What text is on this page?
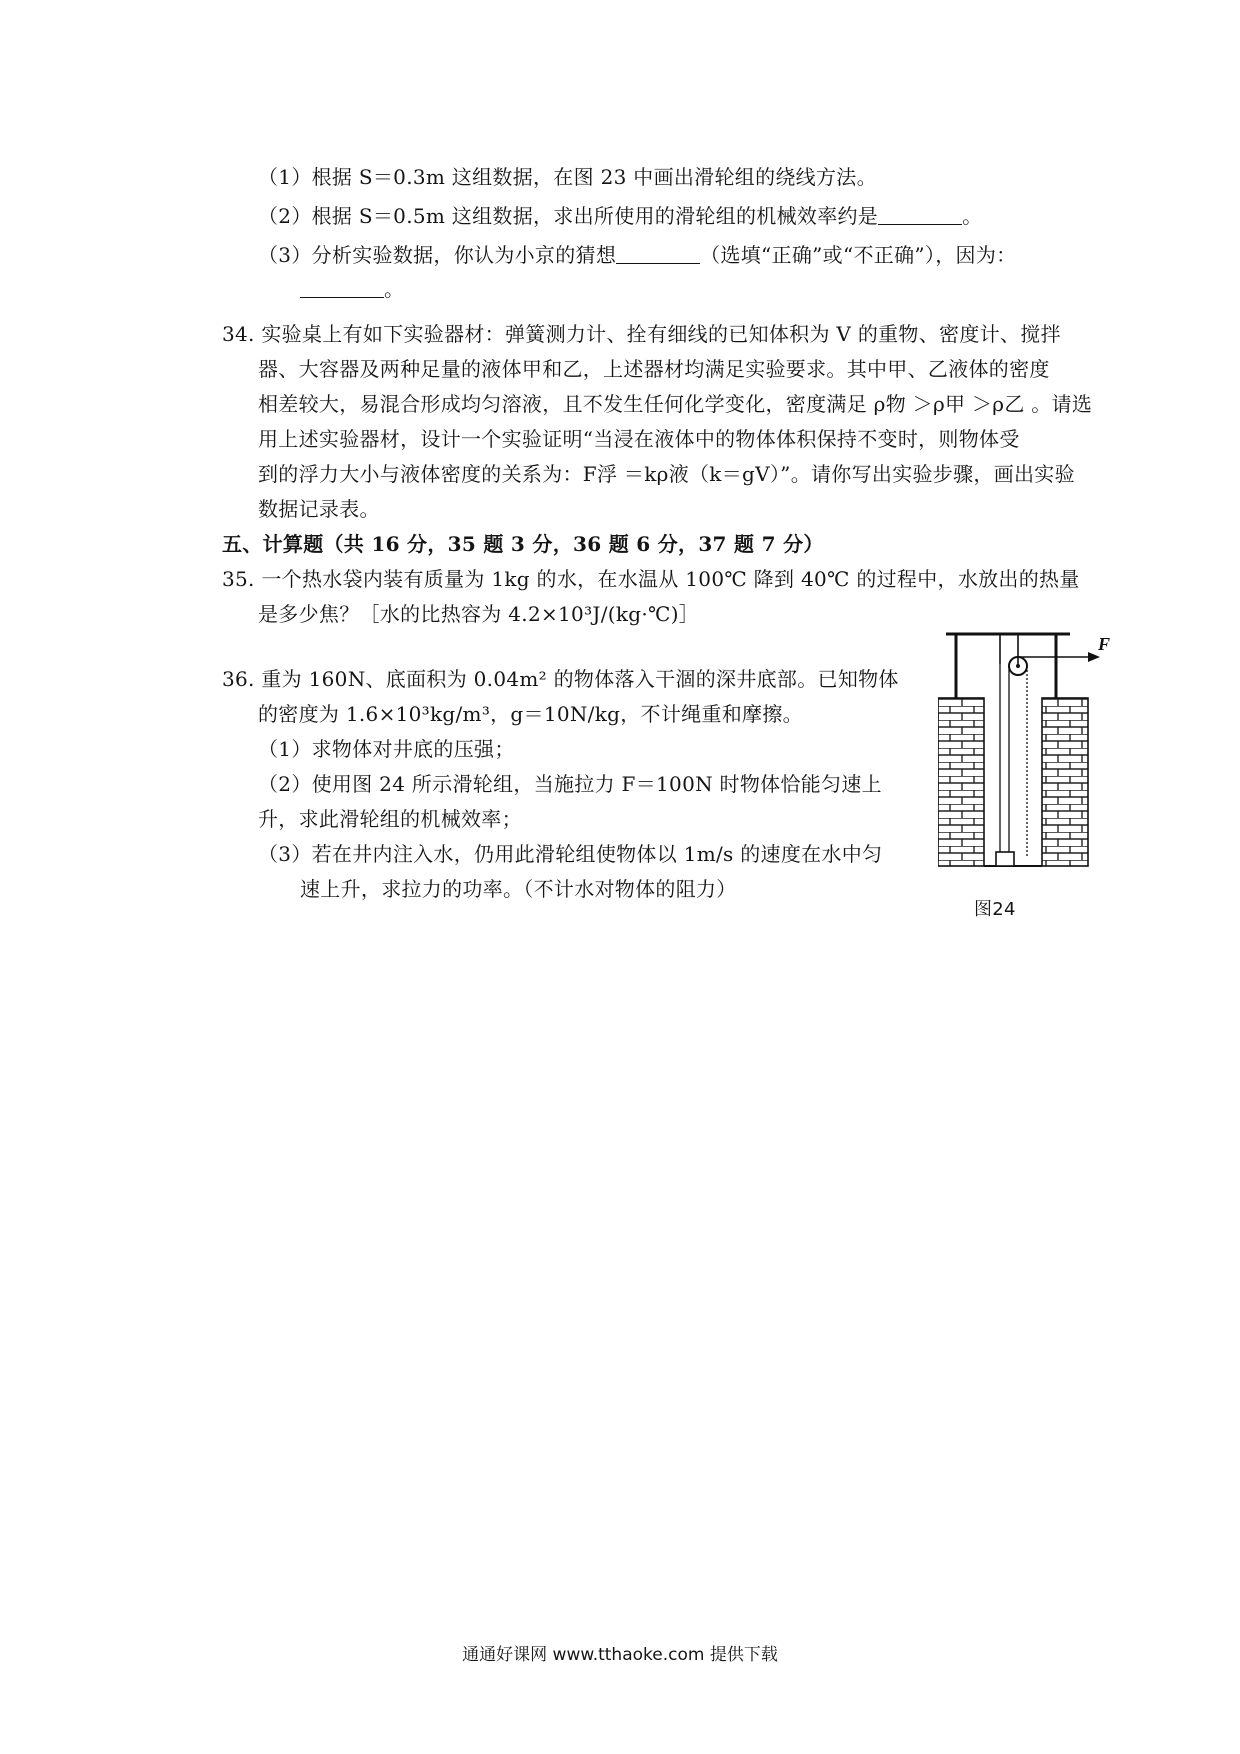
（1）根据 S＝0.3m 这组数据，在图 23 中画出滑轮组的绕线方法。
（2）根据 S＝0.5m 这组数据，求出所使用的滑轮组的机械效率约是	。
（3）分析实验数据，你认为小京的猜想	（选填“正确”或“不正确”），因为：
。
34. 实验桌上有如下实验器材：弹簧测力计、拴有细线的已知体积为 V 的重物、密度计、搅拌
器、大容器及两种足量的液体甲和乙，上述器材均满足实验要求。其中甲、乙液体的密度
相差较大，易混合形成均匀溶液，且不发生任何化学变化，密度满足 ρ物 ＞ρ甲 ＞ρ乙 。请选
用上述实验器材，设计一个实验证明“当浸在液体中的物体体积保持不变时，则物体受
到的浮力大小与液体密度的关系为：F浮 ＝kρ液（k＝gV）”。请你写出实验步骤，画出实验
数据记录表。
五、计算题（共 16 分，35 题 3 分，36 题 6 分，37 题 7 分）
35. 一个热水袋内装有质量为 1kg 的水，在水温从 100℃ 降到 40℃ 的过程中，水放出的热量
是多少焦？［水的比热容为 4.2×10³J/(kg·℃)］
36. 重为 160N、底面积为 0.04m² 的物体落入干涸的深井底部。已知物体
的密度为 1.6×10³kg/m³，g＝10N/kg，不计绳重和摩擦。
（1）求物体对井底的压强；
（2）使用图 24 所示滑轮组，当施拉力 F＝100N 时物体恰能匀速上
升，求此滑轮组的机械效率；
（3）若在井内注入水，仍用此滑轮组使物体以 1m/s 的速度在水中匀
速上升，求拉力的功率。（不计水对物体的阻力）
F
图24
通通好课网 www.tthaoke.com 提供下载
